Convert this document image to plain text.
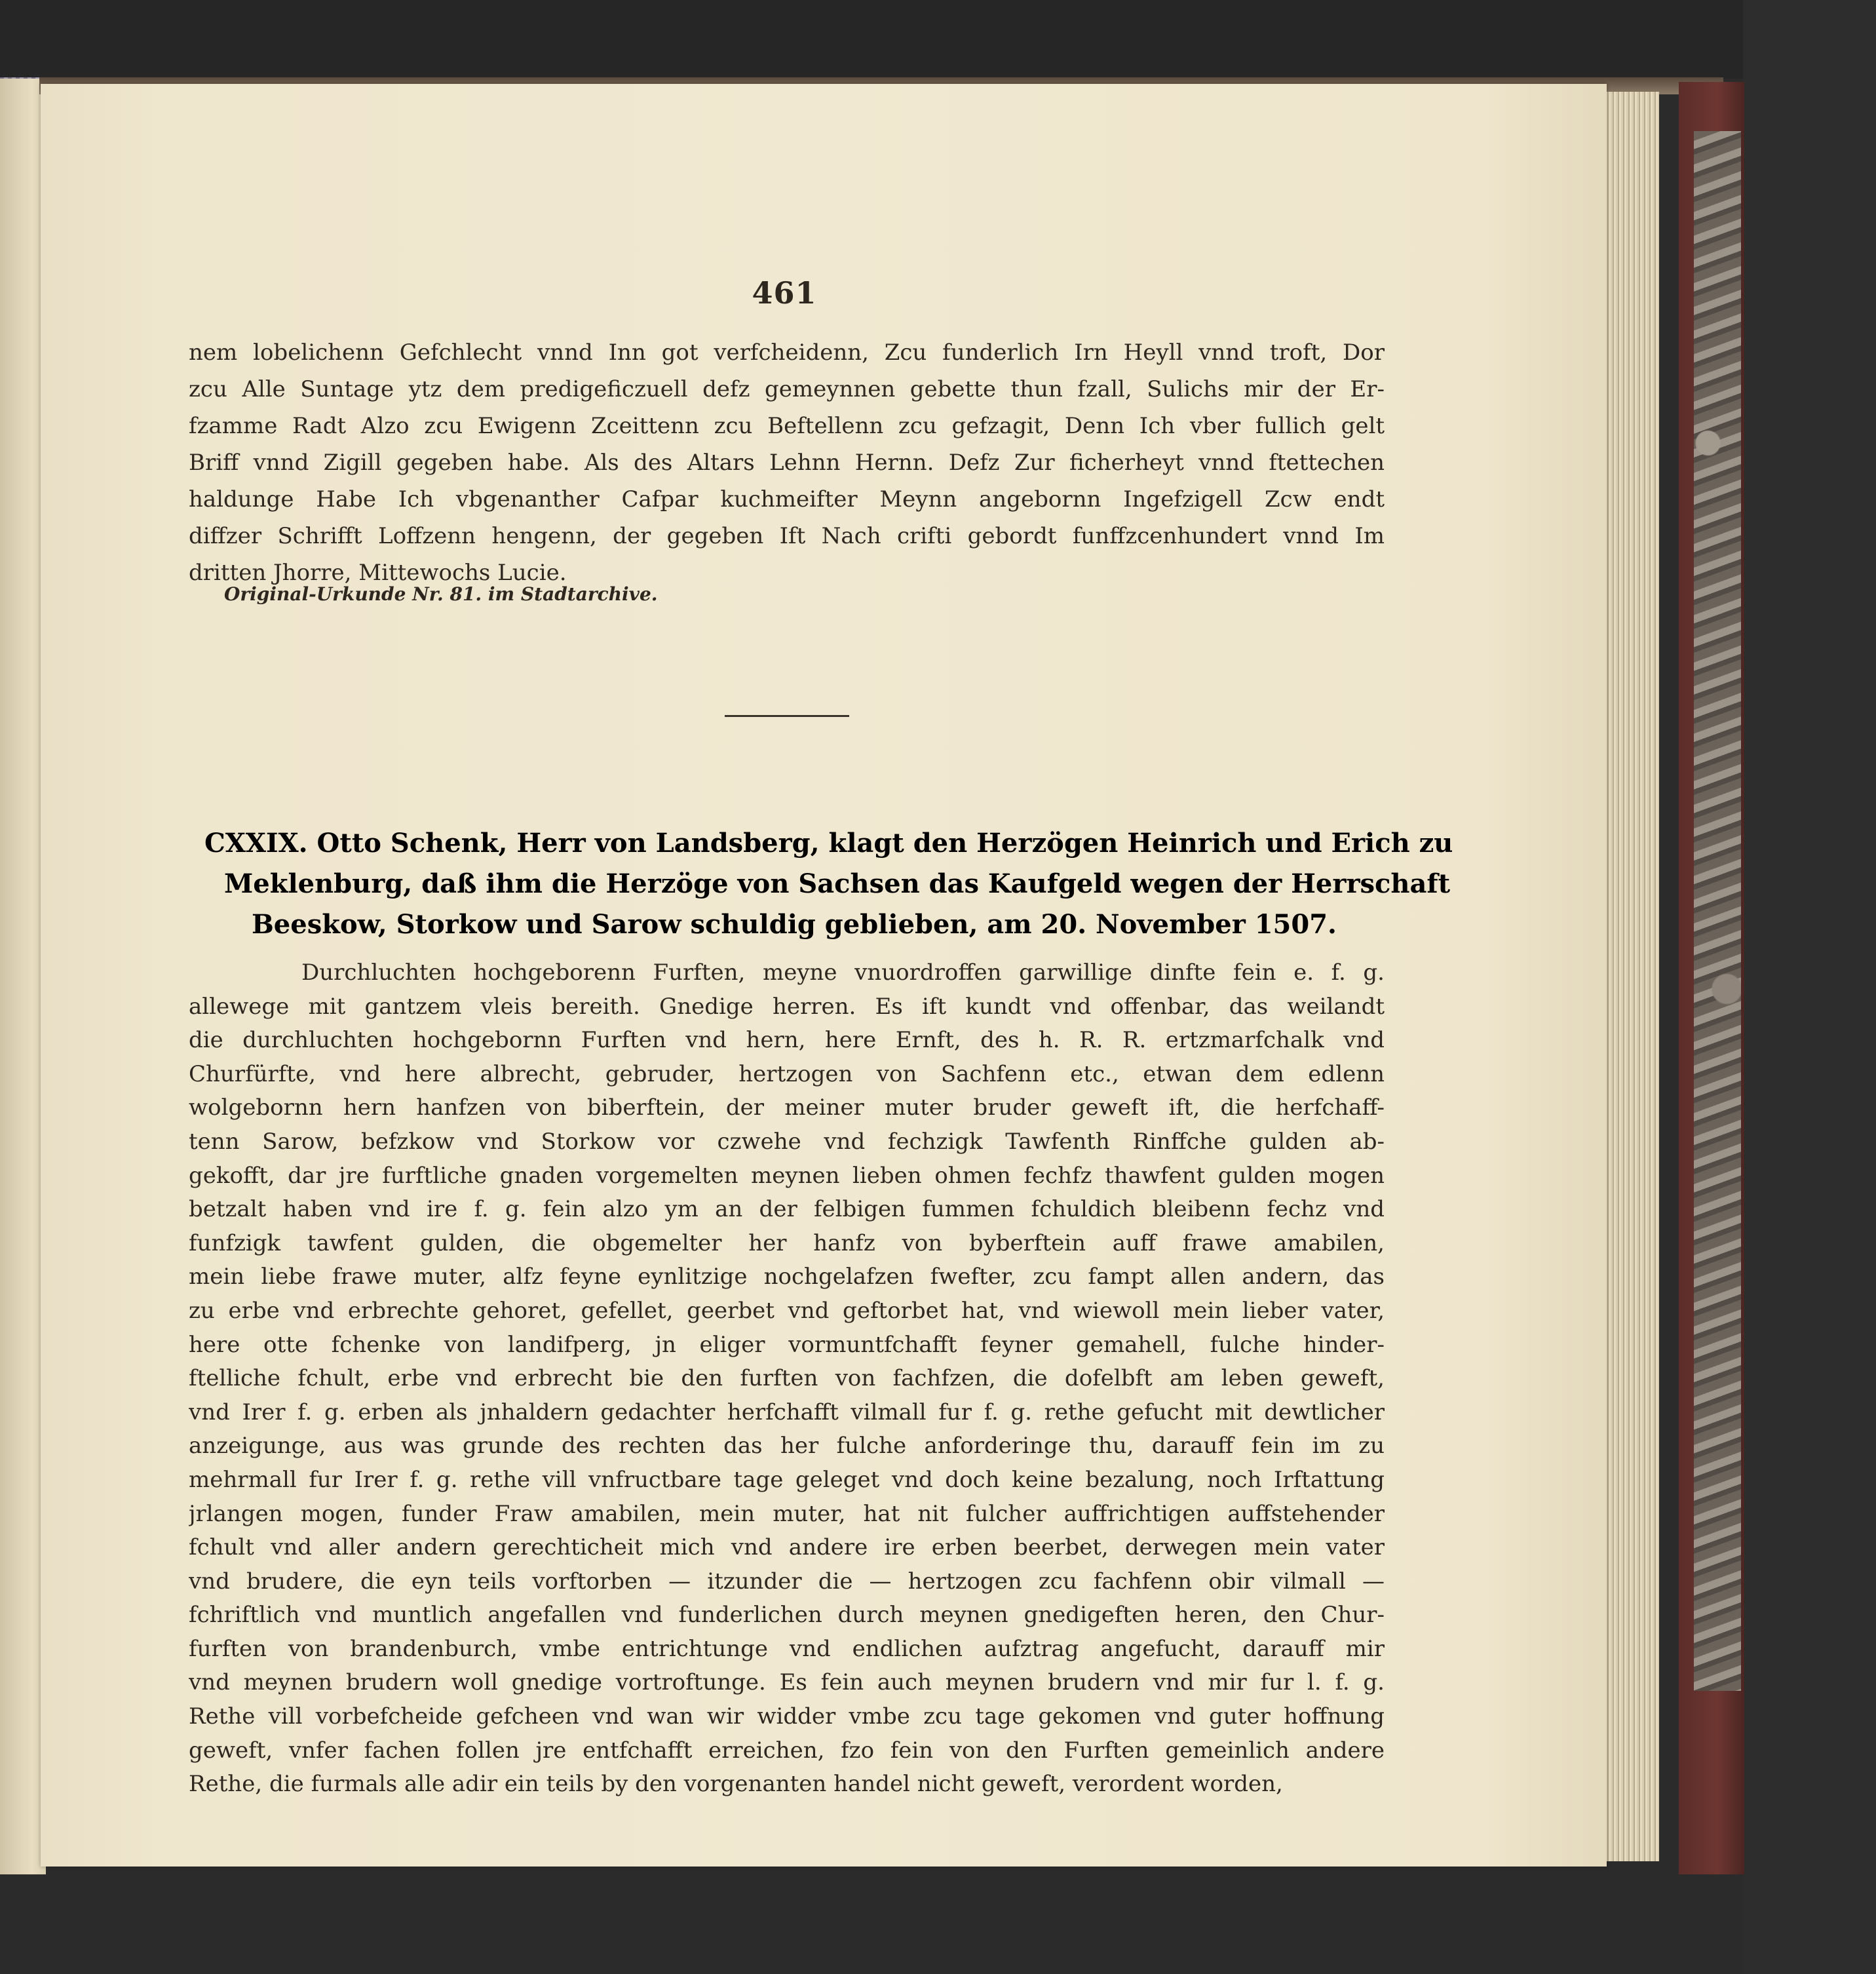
461
nem lobelichenn Gefchlecht vnnd Inn got verfcheidenn, Zcu funderlich Irn Heyll vnnd troft, Dor
zcu Alle Suntage ytz dem predigeficzuell defz gemeynnen gebette thun fzall, Sulichs mir der Er-
fzamme Radt Alzo zcu Ewigenn Zceittenn zcu Beftellenn zcu gefzagit, Denn Ich vber fullich gelt
Briff vnnd Zigill gegeben habe. Als des Altars Lehnn Hernn. Defz Zur ficherheyt vnnd ftettechen
haldunge Habe Ich vbgenanther Cafpar kuchmeifter Meynn angebornn Ingefzigell Zcw endt
diffzer Schrifft Loffzenn hengenn, der gegeben Ift Nach crifti gebordt funffzcenhundert vnnd Im
dritten Jhorre, Mittewochs Lucie.
Original-Urkunde Nr. 81. im Stadtarchive.
CXXIX. Otto Schenk, Herr von Landsberg, klagt den Herzögen Heinrich und Erich zu
Meklenburg, daß ihm die Herzöge von Sachsen das Kaufgeld wegen der Herrschaft
Beeskow, Storkow und Sarow schuldig geblieben, am 20. November 1507.
Durchluchten hochgeborenn Furften, meyne vnuordroffen garwillige dinfte fein e. f. g.
allewege mit gantzem vleis bereith. Gnedige herren. Es ift kundt vnd offenbar, das weilandt
die durchluchten hochgebornn Furften vnd hern, here Ernft, des h. R. R. ertzmarfchalk vnd
Churfürfte, vnd here albrecht, gebruder, hertzogen von Sachfenn etc., etwan dem edlenn
wolgebornn hern hanfzen von biberftein, der meiner muter bruder geweft ift, die herfchaff-
tenn Sarow, befzkow vnd Storkow vor czwehe vnd fechzigk Tawfenth Rinffche gulden ab-
gekofft, dar jre furftliche gnaden vorgemelten meynen lieben ohmen fechfz thawfent gulden mogen
betzalt haben vnd ire f. g. fein alzo ym an der felbigen fummen fchuldich bleibenn fechz vnd
funfzigk tawfent gulden, die obgemelter her hanfz von byberftein auff frawe amabilen,
mein liebe frawe muter, alfz feyne eynlitzige nochgelafzen fwefter, zcu fampt allen andern, das
zu erbe vnd erbrechte gehoret, gefellet, geerbet vnd geftorbet hat, vnd wiewoll mein lieber vater,
here otte fchenke von landifperg, jn eliger vormuntfchafft feyner gemahell, fulche hinder-
ftelliche fchult, erbe vnd erbrecht bie den furften von fachfzen, die dofelbft am leben geweft,
vnd Irer f. g. erben als jnhaldern gedachter herfchafft vilmall fur f. g. rethe gefucht mit dewtlicher
anzeigunge, aus was grunde des rechten das her fulche anforderinge thu, darauff fein im zu
mehrmall fur Irer f. g. rethe vill vnfructbare tage geleget vnd doch keine bezalung, noch Irftattung
jrlangen mogen, funder Fraw amabilen, mein muter, hat nit fulcher auffrichtigen auffstehender
fchult vnd aller andern gerechticheit mich vnd andere ire erben beerbet, derwegen mein vater
vnd brudere, die eyn teils vorftorben — itzunder die — hertzogen zcu fachfenn obir vilmall —
fchriftlich vnd muntlich angefallen vnd funderlichen durch meynen gnedigeften heren, den Chur-
furften von brandenburch, vmbe entrichtunge vnd endlichen aufztrag angefucht, darauff mir
vnd meynen brudern woll gnedige vortroftunge. Es fein auch meynen brudern vnd mir fur l. f. g.
Rethe vill vorbefcheide gefcheen vnd wan wir widder vmbe zcu tage gekomen vnd guter hoffnung
geweft, vnfer fachen follen jre entfchafft erreichen, fzo fein von den Furften gemeinlich andere
Rethe, die furmals alle adir ein teils by den vorgenanten handel nicht geweft, verordent worden,
